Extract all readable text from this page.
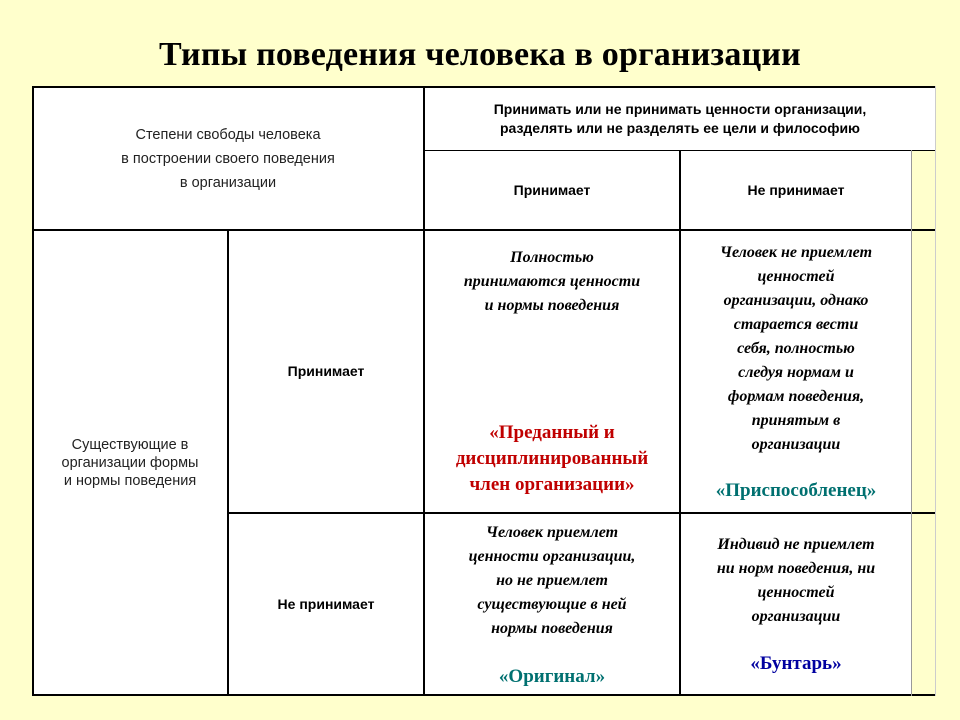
Типы поведения человека в организации
Степени свободы человека
в построении своего поведения
в организации
Принимать или не принимать ценности организации,
разделять или не разделять ее цели и философию
Принимает	Не принимает
Существующие в
организации формы
и нормы поведения
Принимает
Не принимает
Полностью
принимаются ценности
и нормы поведения
«Преданный и
дисциплинированный
член организации»
Человек не приемлет
ценностей
организации, однако
старается вести
себя, полностью
следуя нормам и
формам поведения,
принятым в
организации
«Приспособленец»
Человек приемлет
ценности организации,
но не приемлет
существующие в ней
нормы поведения
«Оригинал»
Индивид не приемлет
ни норм поведения, ни
ценностей
организации
«Бунтарь»
